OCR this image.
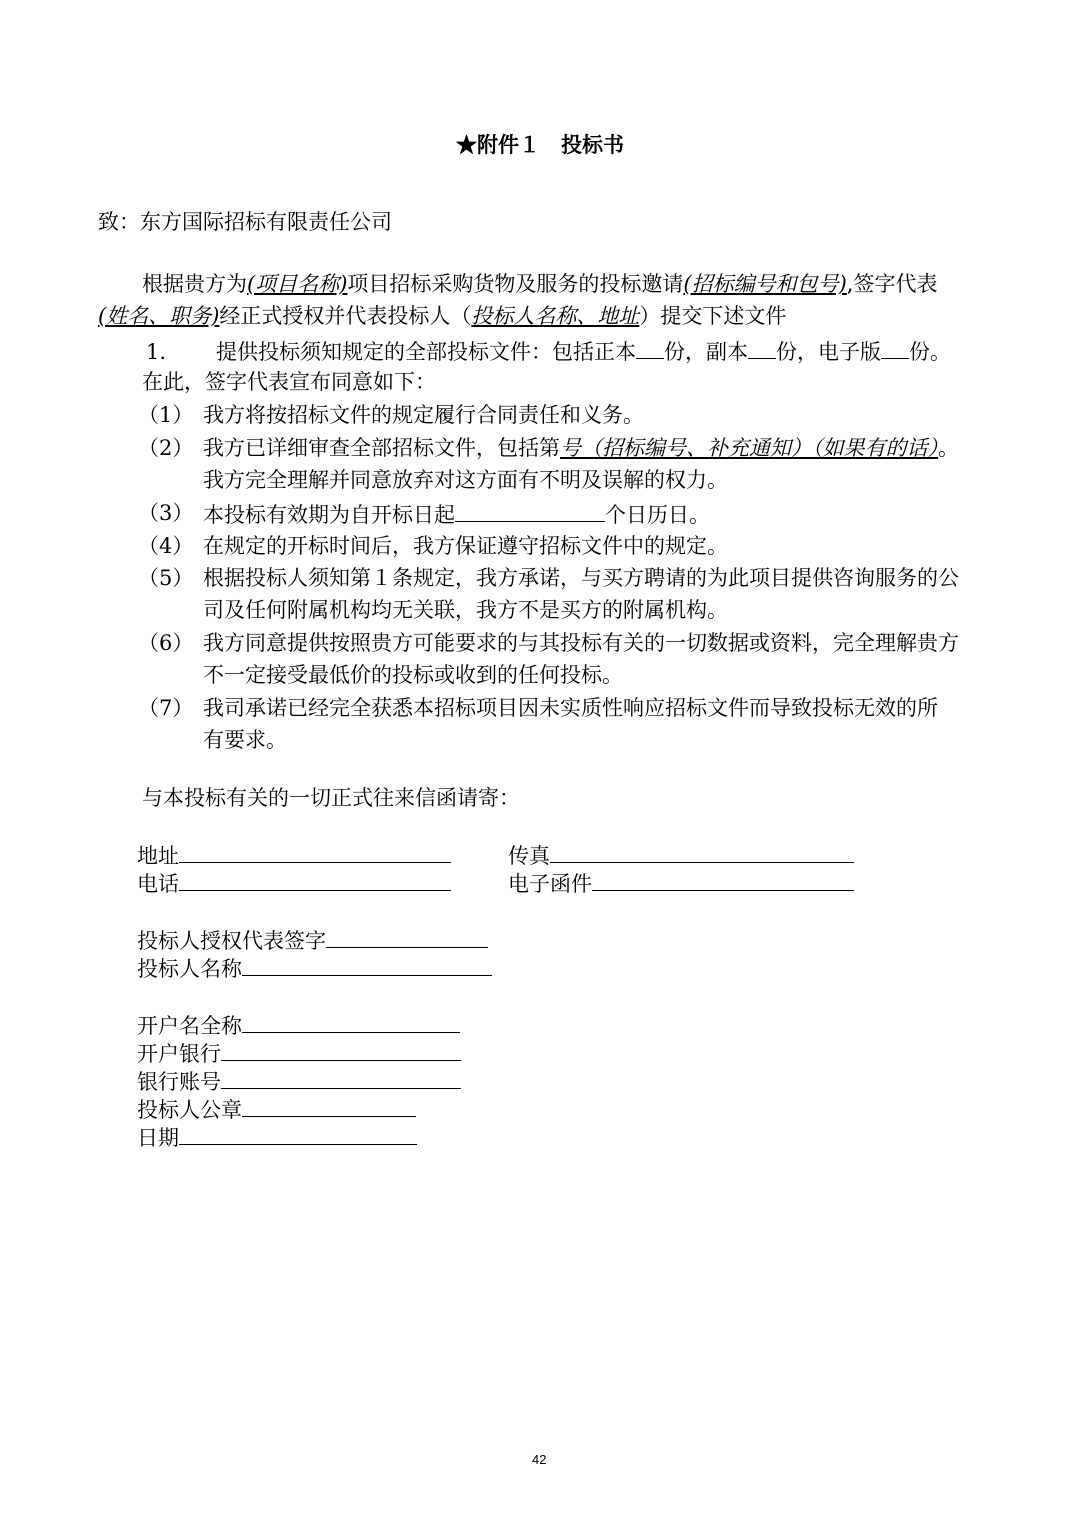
★附件１　投标书
致：东方国际招标有限责任公司
根据贵方为(项目名称)项目招标采购货物及服务的投标邀请(招标编号和包号),签字代表
(姓名、职务)经正式授权并代表投标人（投标人名称、地址）提交下述文件
1. 提供投标须知规定的全部投标文件：包括正本 份，副本 份，电子版 份。
在此，签字代表宣布同意如下：
（1） 我方将按招标文件的规定履行合同责任和义务。
（2） 我方已详细审查全部招标文件，包括第号（招标编号、补充通知）（如果有的话）。
我方完全理解并同意放弃对这方面有不明及误解的权力。
（3） 本投标有效期为自开标日起	个日历日。
（4） 在规定的开标时间后，我方保证遵守招标文件中的规定。
（5） 根据投标人须知第１条规定，我方承诺，与买方聘请的为此项目提供咨询服务的公
司及任何附属机构均无关联，我方不是买方的附属机构。
（6） 我方同意提供按照贵方可能要求的与其投标有关的一切数据或资料，完全理解贵方
不一定接受最低价的投标或收到的任何投标。
（7） 我司承诺已经完全获悉本招标项目因未实质性响应招标文件而导致投标无效的所
有要求。
与本投标有关的一切正式往来信函请寄：
地址	传真
电话	电子函件
投标人授权代表签字
投标人名称
开户名全称
开户银行
银行账号
投标人公章
日期
42
